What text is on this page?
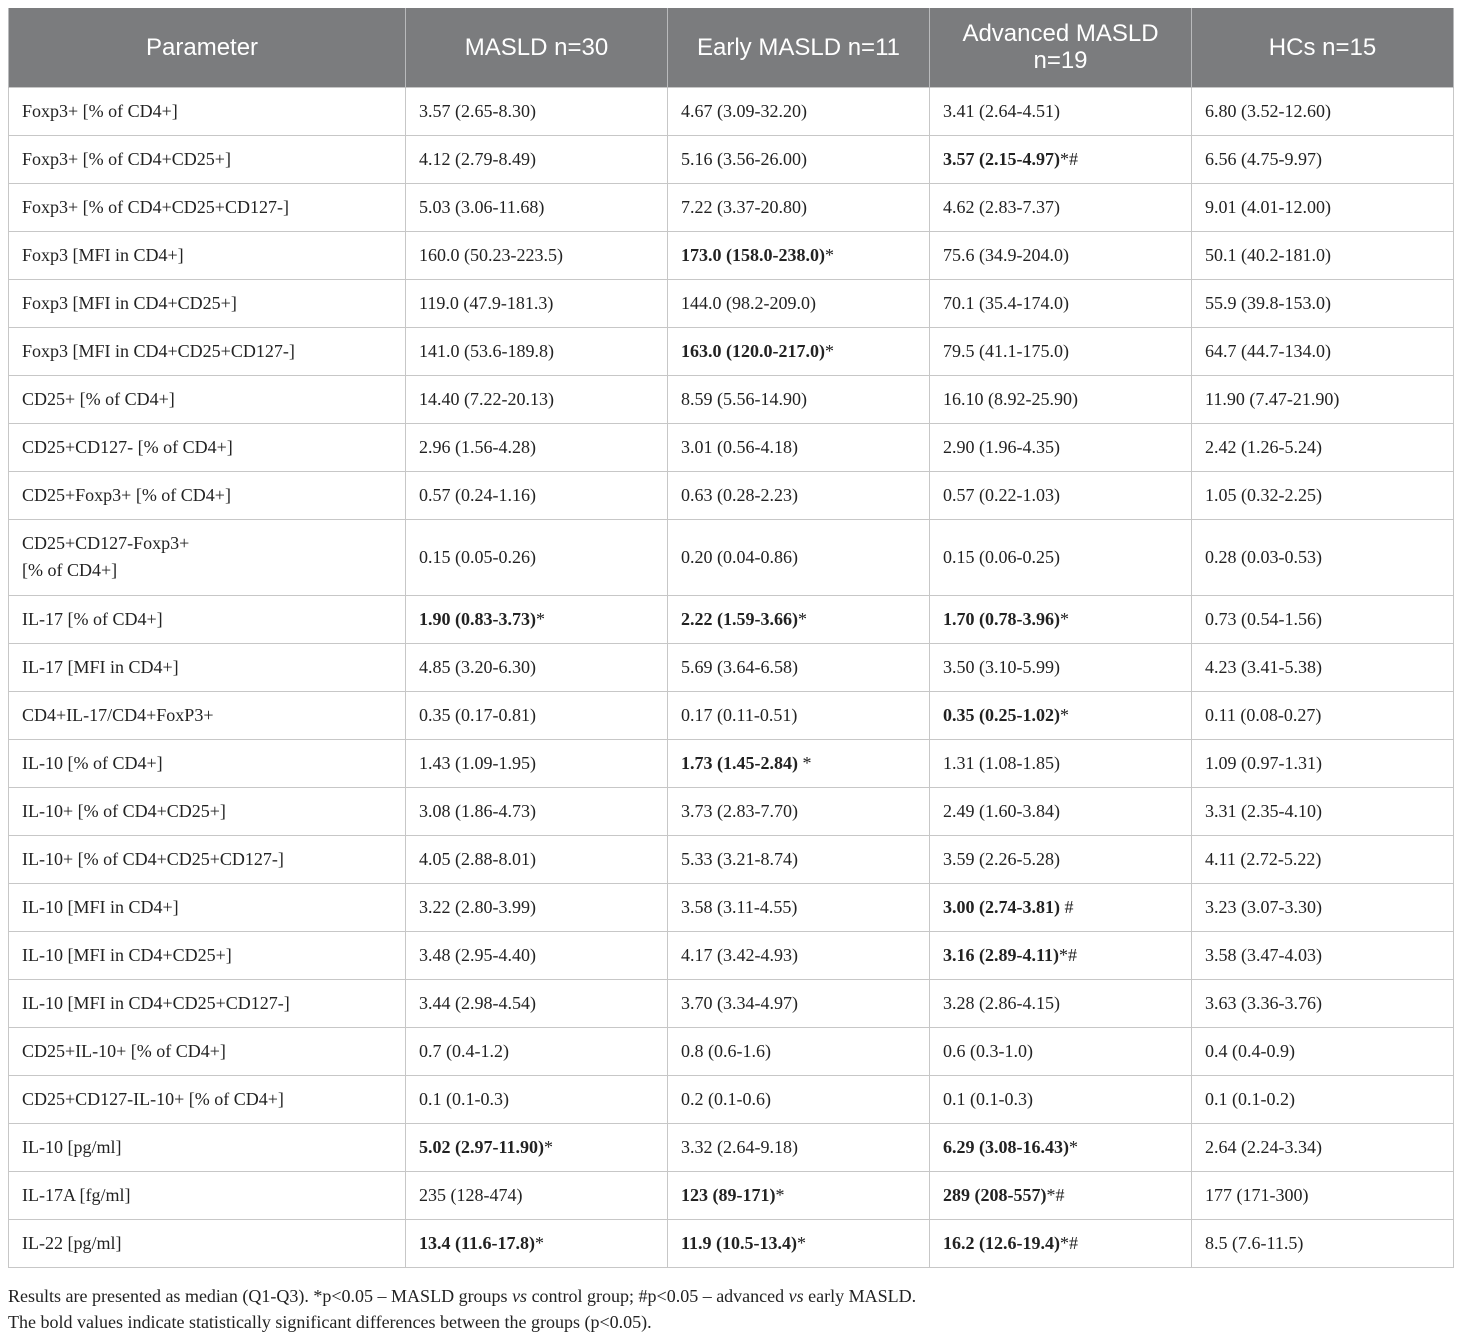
Parameter	MASLD n=30	Early MASLD n=11	Advanced MASLD n=19	HCs n=15
Foxp3+ [% of CD4+]	3.57 (2.65-8.30)	4.67 (3.09-32.20)	3.41 (2.64-4.51)	6.80 (3.52-12.60)
Foxp3+ [% of CD4+CD25+]	4.12 (2.79-8.49)	5.16 (3.56-26.00)	3.57 (2.15-4.97)*#	6.56 (4.75-9.97)
Foxp3+ [% of CD4+CD25+CD127-]	5.03 (3.06-11.68)	7.22 (3.37-20.80)	4.62 (2.83-7.37)	9.01 (4.01-12.00)
Foxp3 [MFI in CD4+]	160.0 (50.23-223.5)	173.0 (158.0-238.0)*	75.6 (34.9-204.0)	50.1 (40.2-181.0)
Foxp3 [MFI in CD4+CD25+]	119.0 (47.9-181.3)	144.0 (98.2-209.0)	70.1 (35.4-174.0)	55.9 (39.8-153.0)
Foxp3 [MFI in CD4+CD25+CD127-]	141.0 (53.6-189.8)	163.0 (120.0-217.0)*	79.5 (41.1-175.0)	64.7 (44.7-134.0)
CD25+ [% of CD4+]	14.40 (7.22-20.13)	8.59 (5.56-14.90)	16.10 (8.92-25.90)	11.90 (7.47-21.90)
CD25+CD127- [% of CD4+]	2.96 (1.56-4.28)	3.01 (0.56-4.18)	2.90 (1.96-4.35)	2.42 (1.26-5.24)
CD25+Foxp3+ [% of CD4+]	0.57 (0.24-1.16)	0.63 (0.28-2.23)	0.57 (0.22-1.03)	1.05 (0.32-2.25)
CD25+CD127-Foxp3+
[% of CD4+]	0.15 (0.05-0.26)	0.20 (0.04-0.86)	0.15 (0.06-0.25)	0.28 (0.03-0.53)
IL-17 [% of CD4+]	1.90 (0.83-3.73)*	2.22 (1.59-3.66)*	1.70 (0.78-3.96)*	0.73 (0.54-1.56)
IL-17 [MFI in CD4+]	4.85 (3.20-6.30)	5.69 (3.64-6.58)	3.50 (3.10-5.99)	4.23 (3.41-5.38)
CD4+IL-17/CD4+FoxP3+	0.35 (0.17-0.81)	0.17 (0.11-0.51)	0.35 (0.25-1.02)*	0.11 (0.08-0.27)
IL-10 [% of CD4+]	1.43 (1.09-1.95)	1.73 (1.45-2.84) *	1.31 (1.08-1.85)	1.09 (0.97-1.31)
IL-10+ [% of CD4+CD25+]	3.08 (1.86-4.73)	3.73 (2.83-7.70)	2.49 (1.60-3.84)	3.31 (2.35-4.10)
IL-10+ [% of CD4+CD25+CD127-]	4.05 (2.88-8.01)	5.33 (3.21-8.74)	3.59 (2.26-5.28)	4.11 (2.72-5.22)
IL-10 [MFI in CD4+]	3.22 (2.80-3.99)	3.58 (3.11-4.55)	3.00 (2.74-3.81) #	3.23 (3.07-3.30)
IL-10 [MFI in CD4+CD25+]	3.48 (2.95-4.40)	4.17 (3.42-4.93)	3.16 (2.89-4.11)*#	3.58 (3.47-4.03)
IL-10 [MFI in CD4+CD25+CD127-]	3.44 (2.98-4.54)	3.70 (3.34-4.97)	3.28 (2.86-4.15)	3.63 (3.36-3.76)
CD25+IL-10+ [% of CD4+]	0.7 (0.4-1.2)	0.8 (0.6-1.6)	0.6 (0.3-1.0)	0.4 (0.4-0.9)
CD25+CD127-IL-10+ [% of CD4+]	0.1 (0.1-0.3)	0.2 (0.1-0.6)	0.1 (0.1-0.3)	0.1 (0.1-0.2)
IL-10 [pg/ml]	5.02 (2.97-11.90)*	3.32 (2.64-9.18)	6.29 (3.08-16.43)*	2.64 (2.24-3.34)
IL-17A [fg/ml]	235 (128-474)	123 (89-171)*	289 (208-557)*#	177 (171-300)
IL-22 [pg/ml]	13.4 (11.6-17.8)*	11.9 (10.5-13.4)*	16.2 (12.6-19.4)*#	8.5 (7.6-11.5)
Results are presented as median (Q1-Q3). *p<0.05 – MASLD groups vs control group; #p<0.05 – advanced vs early MASLD.
The bold values indicate statistically significant differences between the groups (p<0.05).
